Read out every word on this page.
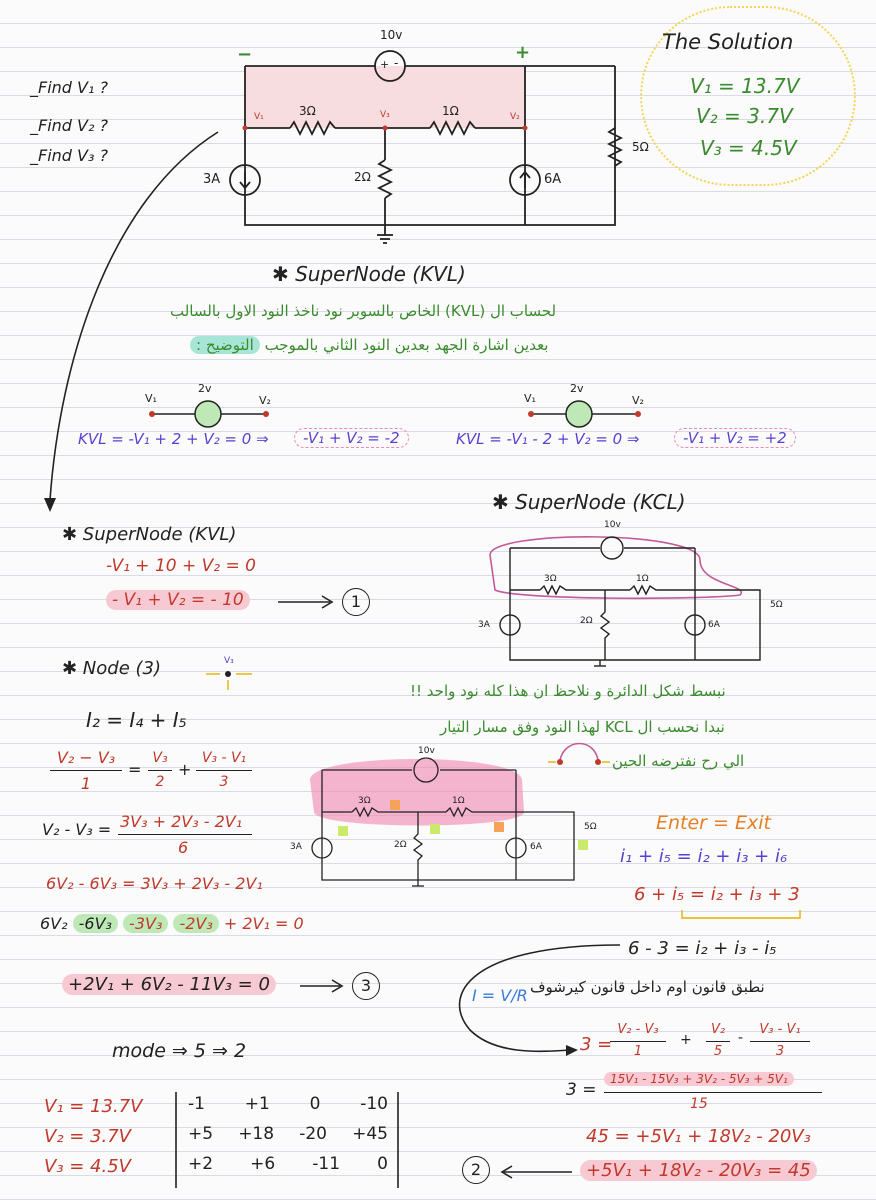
_Find V₁ ?
_Find V₂ ?
_Find V₃ ?
The Solution
V₁ = 13.7V
V₂ = 3.7V
V₃ = 4.5V
10v
−	+
+ -
3Ω	1Ω
2Ω
5Ω
3A	6A
V₁	V₃	V₂
✱ SuperNode (KVL)
لحساب ال (KVL) الخاص بالسوبر نود ناخذ النود الاول بالسالب
بعدين اشارة الجهد بعدين النود الثاني بالموجب التوضيح :
V₁	V₂
2v
KVL = -V₁ + 2 + V₂ = 0 ⇒	-V₁ + V₂ = -2
V₁	V₂
2v
KVL = -V₁ - 2 + V₂ = 0 ⇒	-V₁ + V₂ = +2
✱ SuperNode (KCL)
✱ SuperNode (KVL)
-V₁ + 10 + V₂ = 0
- V₁ + V₂ = - 10	1
10v
3Ω	1Ω
2Ω
5Ω
3A	6A
✱ Node (3)	V₃
I₂ = I₄ + I₅
V₂ − V₃
1
=
V₃
2
+
V₃ - V₁
3
V₂ - V₃ = 3V₃ + 2V₃ - 2V₁
6
6V₂ - 6V₃ = 3V₃ + 2V₃ - 2V₁
6V₂ -6V₃ -3V₃ -2V₃ + 2V₁ = 0
+2V₁ + 6V₂ - 11V₃ = 0	3
mode ⇒ 5 ⇒ 2
نبسط شكل الدائرة و نلاحظ ان هذا كله نود واحد !!
نبدا نحسب ال KCL لهذا النود وفق مسار التيار
الي رح نفترضه الحين
10v
3Ω	1Ω
2Ω
5Ω
3A	6A
Enter = Exit
i₁ + i₅ = i₂ + i₃ + i₆
6 + i₅ = i₂ + i₃ + 3
6 - 3 = i₂ + i₃ - i₅
نطبق قانون اوم داخل قانون كيرشوف
I = V/R
3 =
V₂ - V₃
1
+
V₂
5
-
V₃ - V₁
3
3 =
15V₁ - 15V₃ + 3V₂ - 5V₃ + 5V₁
15
45 = +5V₁ + 18V₂ - 20V₃
+5V₁ + 18V₂ - 20V₃ = 45
2
V₁ = 13.7V
V₂ = 3.7V
V₃ = 4.5V
-1 +1 0 -10
+5 +18 -20 +45
+2 +6 -11 0
